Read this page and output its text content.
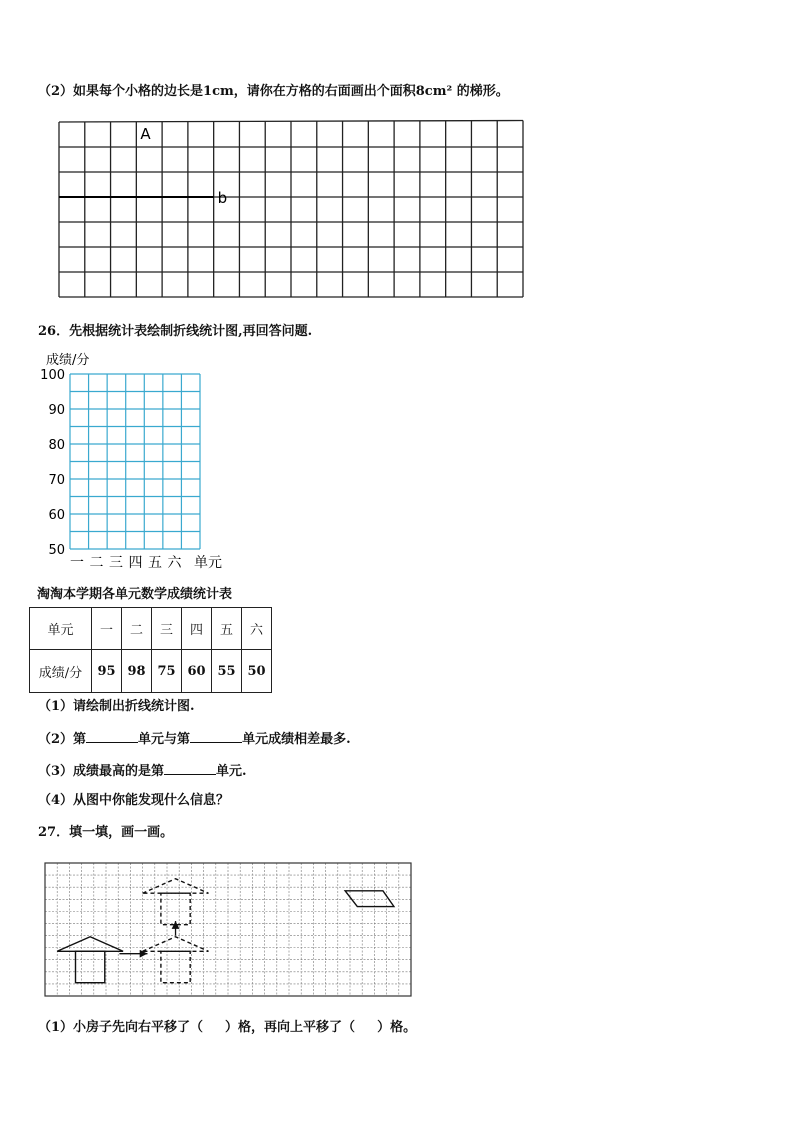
（2）如果每个小格的边长是1cm，请你在方格的右面画出个面积8cm² 的梯形。
A
b
26．先根据统计表绘制折线统计图,再回答问题.
成绩/分
100
90
80
70
60
50
一 二 三 四 五 六 单元
淘淘本学期各单元数学成绩统计表
单元	一	二	三	四	五	六
成绩/分	95	98	75	60	55	50
（1）请绘制出折线统计图.
（2）第	单元与第	单元成绩相差最多.
（3）成绩最高的是第	单元.
（4）从图中你能发现什么信息？
27．填一填，画一画。
（1）小房子先向右平移了（ ）格，再向上平移了（ ）格。
